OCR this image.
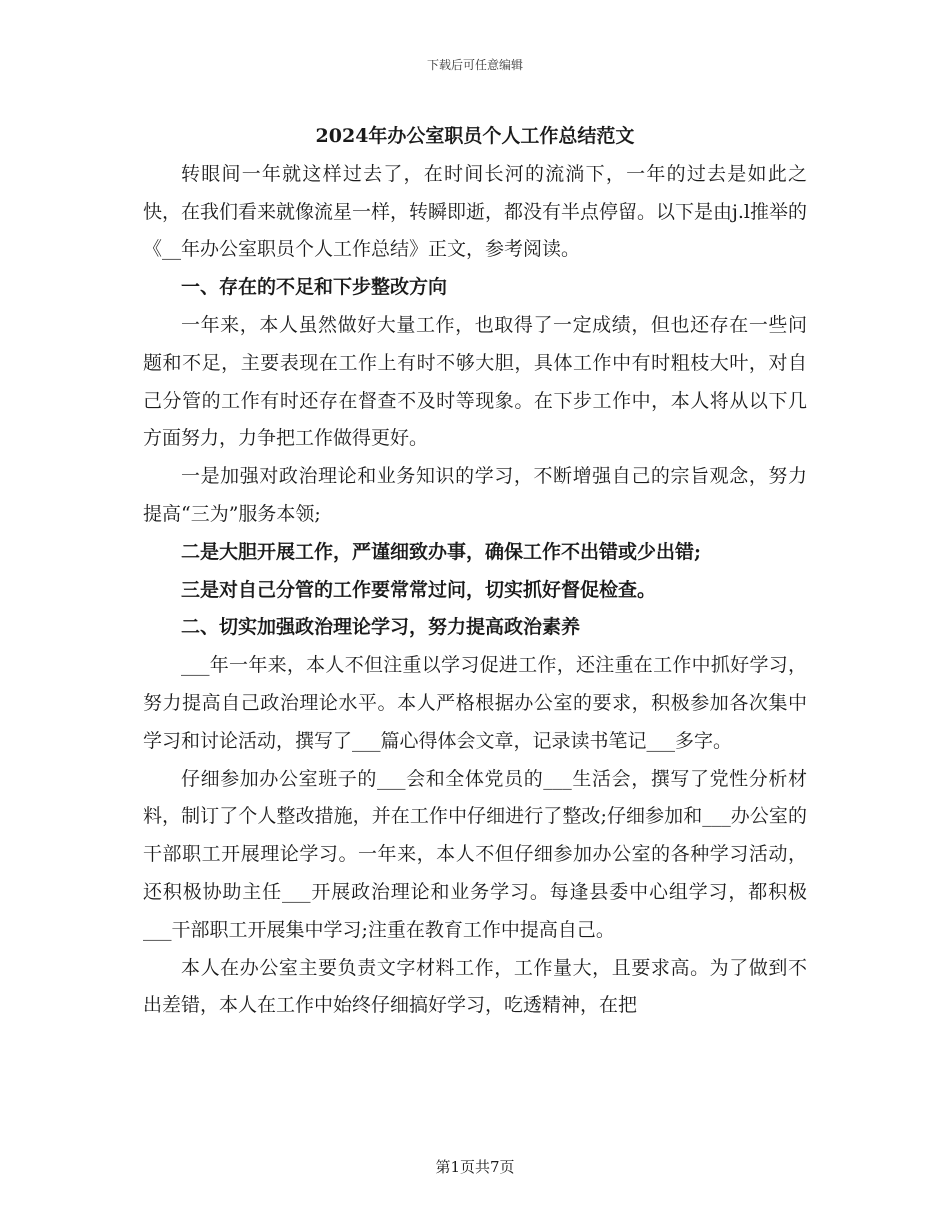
下载后可任意编辑

2024年办公室职员个人工作总结范文

转眼间一年就这样过去了，在时间长河的流淌下，一年的过去是如此之快，在我们看来就像流星一样，转瞬即逝，都没有半点停留。以下是由j.l推举的《__年办公室职员个人工作总结》正文，参考阅读。

一、存在的不足和下步整改方向

一年来，本人虽然做好大量工作，也取得了一定成绩，但也还存在一些问题和不足，主要表现在工作上有时不够大胆，具体工作中有时粗枝大叶，对自己分管的工作有时还存在督查不及时等现象。在下步工作中，本人将从以下几方面努力，力争把工作做得更好。

一是加强对政治理论和业务知识的学习，不断增强自己的宗旨观念，努力提高“三为”服务本领;

二是大胆开展工作，严谨细致办事，确保工作不出错或少出错;

三是对自己分管的工作要常常过问，切实抓好督促检查。

二、切实加强政治理论学习，努力提高政治素养

___年一年来，本人不但注重以学习促进工作，还注重在工作中抓好学习，努力提高自己政治理论水平。本人严格根据办公室的要求，积极参加各次集中学习和讨论活动，撰写了___篇心得体会文章，记录读书笔记___多字。

仔细参加办公室班子的___会和全体党员的___生活会，撰写了党性分析材料，制订了个人整改措施，并在工作中仔细进行了整改;仔细参加和___办公室的干部职工开展理论学习。一年来，本人不但仔细参加办公室的各种学习活动，还积极协助主任___开展政治理论和业务学习。每逢县委中心组学习，都积极___干部职工开展集中学习;注重在教育工作中提高自己。

本人在办公室主要负责文字材料工作，工作量大，且要求高。为了做到不出差错，本人在工作中始终仔细搞好学习，吃透精神，在把

第1页共7页
